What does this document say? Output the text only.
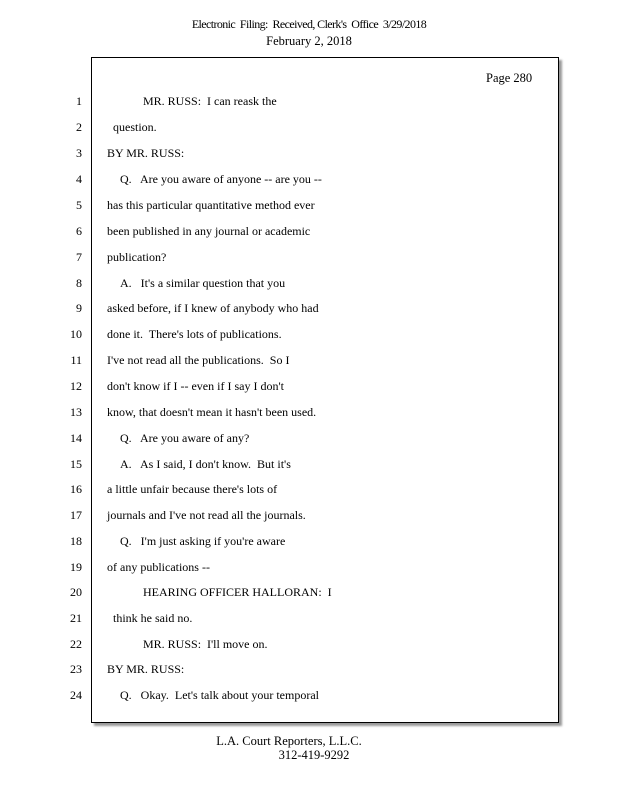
Electronic  Filing:  Received, Clerk's  Office  3/29/2018
February 2, 2018
Page 280
1	MR. RUSS:  I can reask the
2	question.
3 BY MR. RUSS:
4	Q.   Are you aware of anyone -- are you --
5 has this particular quantitative method ever
6 been published in any journal or academic
7 publication?
8	A.   It's a similar question that you
9 asked before, if I knew of anybody who had
10 done it.  There's lots of publications.
11 I've not read all the publications.  So I
12 don't know if I -- even if I say I don't
13 know, that doesn't mean it hasn't been used.
14	Q.   Are you aware of any?
15	A.   As I said, I don't know.  But it's
16 a little unfair because there's lots of
17 journals and I've not read all the journals.
18	Q.   I'm just asking if you're aware
19 of any publications --
20	HEARING OFFICER HALLORAN:  I
21	think he said no.
22	MR. RUSS:  I'll move on.
23 BY MR. RUSS:
24	Q.   Okay.  Let's talk about your temporal
L.A. Court Reporters, L.L.C.
312-419-9292
